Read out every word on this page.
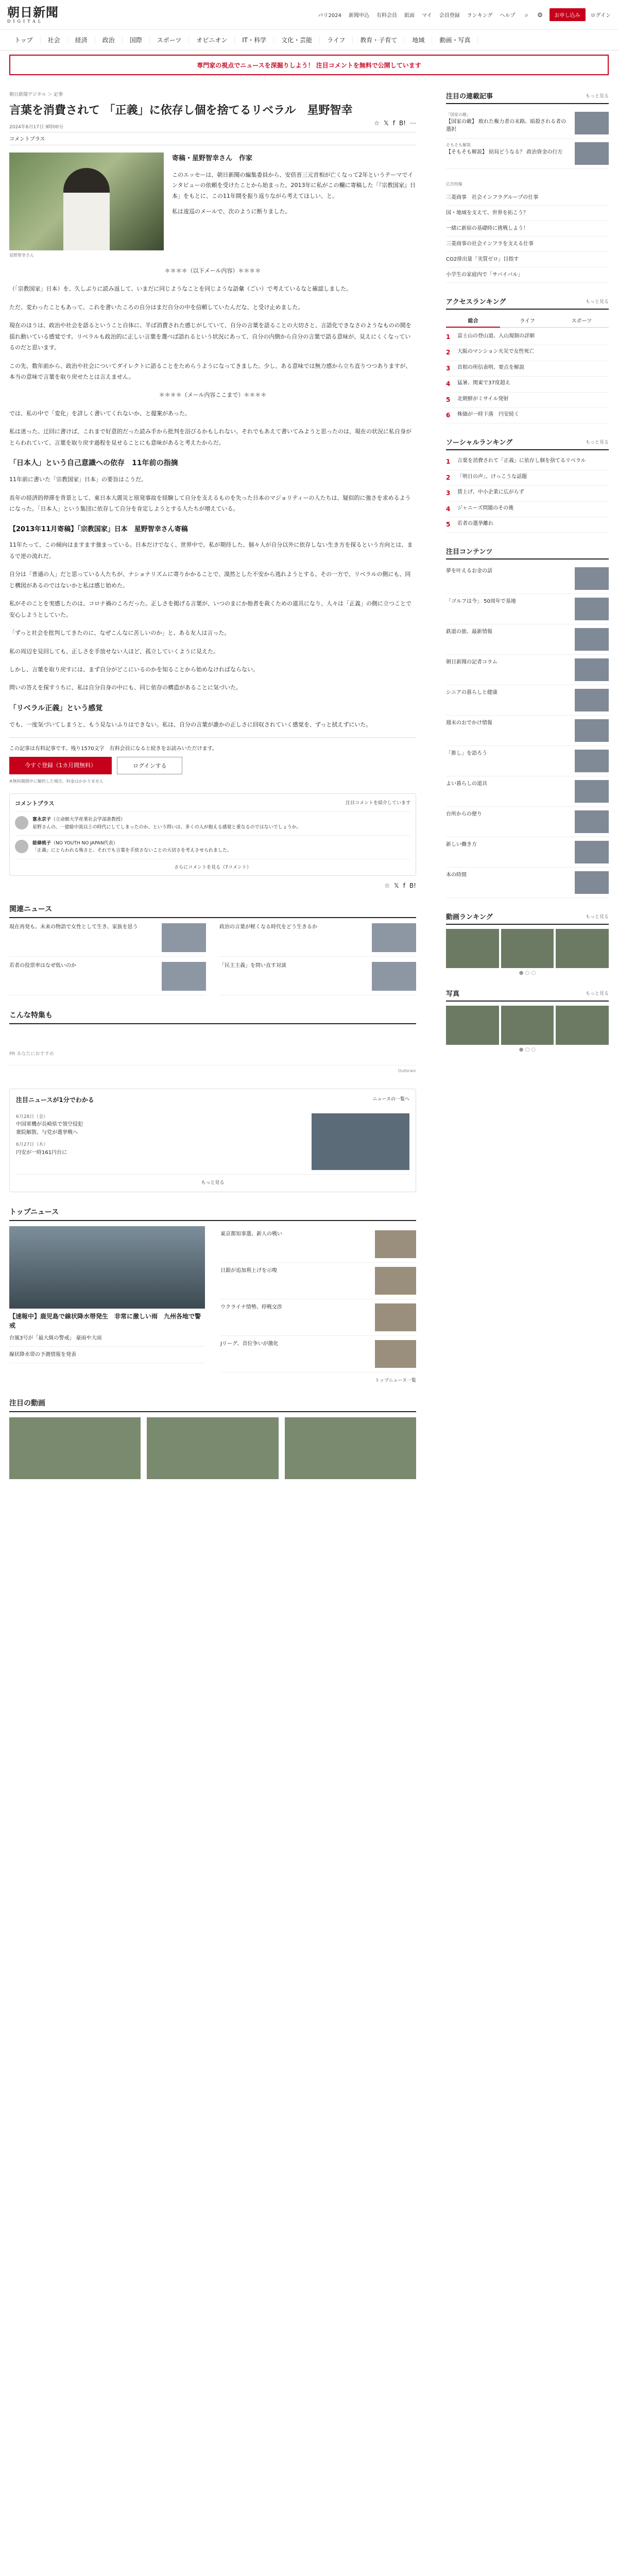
朝日新聞
DIGITAL
パリ2024 新聞申込 有料会員 紙面 マイ 会員登録 ランキング ヘルプ	⌕	⚙	お申し込み	ログイン
トップ	社会	経済	政治	国際	スポーツ	オピニオン	IT・科学	文化・芸能	ライフ	教育・子育て	地域	動画・写真
専門家の視点でニュースを深掘りしよう！ 注目コメントを無料で公開しています
朝日新聞デジタル ＞ 記事
言葉を消費されて 「正義」に依存し個を捨てるリベラル　星野智幸
2024年6月17日 9時00分
☆ 𝕏 f B! ⋯
コメントプラス
星野智幸さん
寄稿・星野智幸さん　作家

このエッセーは、朝日新聞の編集委員から、安倍晋三元首相が亡くなって2年というテーマでインタビューの依頼を受けたことから始まった。2013年に私がこの欄に寄稿した「『宗教国家』日本」をもとに、この11年間を振り返りながら考えてほしい、と。

私は逡巡のメールで、次のように断りました。

＊＊＊＊（以下メール内容）＊＊＊＊

（「宗教国家」日本）を、久しぶりに読み返して、いまだに同じようなことを同じような語彙（ごい）で考えているなと確認しました。

ただ、変わったこともあって、これを書いたころの自分はまだ自分の中を信頼していたんだな、と受け止めました。

現在のほうは、政治や社会を語るということ自体に、半ば消費された感じがしていて、自分の言葉を語ることの大切さと、言語化できなさのようなものの間を揺れ動いている感覚です。リベラルも政治的に正しい言葉を選べば語れるという状況にあって、自分の内側から自分の言葉で語る意味が、見えにくくなっているのだと思います。

この先、数年前から、政治や社会についてダイレクトに語ることをためらうようになってきました。少し、ある意味では無力感から立ち直りつつありますが、本当の意味で言葉を取り戻せたとは言えません。

＊＊＊＊（メール内容ここまで）＊＊＊＊

では、私の中で「変化」を詳しく書いてくれないか、と提案があった。

私は迷った。迂回に書けば、これまで好意的だった読み手から批判を浴びるかもしれない。それでもあえて書いてみようと思ったのは、現在の状況に私自身がとらわれていて、言葉を取り戻す過程を見せることにも意味があると考えたからだ。

「日本人」という自己意識への依存　11年前の指摘

11年前に書いた「宗教国家」日本」の要旨はこうだ。

長年の経済的停滞を背景として、東日本大震災と原発事故を経験して自分を支えるものを失った日本のマジョリティーの人たちは、疑似的に強さを求めるようになった。「日本人」という集団に依存して自分を肯定しようとする人たちが増えている。

【2013年11月寄稿】「宗教国家」日本　星野智幸さん寄稿

11年たって、この傾向はますます強まっている。日本だけでなく、世界中で。私が期待した、個々人が自分以外に依存しない生き方を探るという方向とは、まるで逆の流れだ。

自分は「普通の人」だと思っている人たちが、ナショナリズムに寄りかかることで、漠然とした不安から逃れようとする。その一方で、リベラルの側にも、同じ構図があるのではないかと私は感じ始めた。

私がそのことを実感したのは、コロナ禍のころだった。正しさを掲げる言葉が、いつのまにか他者を裁くための道具になり、人々は「正義」の側に立つことで安心しようとしていた。

「ずっと社会を批判してきたのに、なぜこんなに苦しいのか」と、ある友人は言った。

私の周辺を見回しても、正しさを手放せない人ほど、孤立していくように見えた。

しかし、言葉を取り戻すには、まず自分がどこにいるのかを知ることから始めなければならない。

問いの答えを探すうちに、私は自分自身の中にも、同じ依存の構造があることに気づいた。

「リベラル正義」という感覚

でも、一度気づいてしまうと、もう見ないふりはできない。私は、自分の言葉が誰かの正しさに回収されていく感覚を、ずっと拭えずにいた。

この記事は有料記事です。残り1570文字　有料会員になると続きをお読みいただけます。
今すぐ登録（1カ月間無料）	ログインする
※無料期間中に解約した場合、料金はかかりません
コメントプラス	注目コメントを紹介しています
富永京子（立命館大学産業社会学部准教授）
星野さんの、一億総中流以上の時代にしてしまったのか、という問いは、多くの人が抱える感覚と重なるのではないでしょうか。
能條桃子（NO YOUTH NO JAPAN代表）
「正義」にとらわれる怖さと、それでも言葉を手放さないことの大切さを考えさせられました。
さらにコメントを見る（7コメント）
☆ 𝕏 f B!
関連ニュース
現在再発も。未来の物語で女性として生き、家族を思う	政治の言葉が軽くなる時代をどう生きるか
若者の投票率はなぜ低いのか	「民主主義」を問い直す対談
こんな特集も
PR あなたにおすすめ
Outbrain
注目ニュースが1分でわかる	ニュースの一覧へ
6月28日（金）
中国軍機が長崎県で領空侵犯
衆院解散、与党が選挙戦へ
6月27日（木）
円安が一時161円台に
もっと見る
トップニュース
【速報中】鹿児島で線状降水帯発生　非常に激しい雨　九州各地で警戒
台風3号が「最大級の警戒」 豪雨や大雨
線状降水帯の予測情報を発表
東京都知事選、新人の戦い
日銀が追加利上げを示唆
ウクライナ情勢、停戦交渉
Jリーグ、首位争いが激化
トップニュース一覧
注目の動画
注目の連載記事	もっと見る
「国家の敵」
【国家の敵】 敗れた権力者の末路、暗殺される者の選択
そもそも解説
【そもそも解説】 結局どうなる？ 政治資金の行方
広告特集
三菱商事　社会インフラグループの仕事
国・地域を支えて、世界を拓こう？
一緒に新宿の基礎時に挑戦しよう！
三菱商事の社会インフラを支える仕事
CO2排出量「実質ゼロ」目指す
小学生の家庭内で「サバイバル」
アクセスランキング	もっと見る
総合	ライフ	スポーツ
1	富士山の登山道、入山規制の詳細
2	大阪のマンション火災で女性死亡
3	首相の所信表明、要点を解説
4	猛暑、関東で37度超え
5	北朝鮮がミサイル発射
6	株価が一時下落　円安続く
ソーシャルランキング	もっと見る
1	言葉を消費されて「正義」に依存し個を捨てるリベラル
2	「明日の声」、けっこうな話題
3	賃上げ、中小企業に広がらず
4	ジャニーズ問題のその後
5	若者の選挙離れ
注目コンテンツ
夢を叶えるお金の話
「ゴルフは今」 50周年で基地
鉄道の旅、最新情報
朝日新聞の記者コラム
シニアの暮らしと健康
週末のおでかけ情報
「推し」を語ろう
よい暮らしの道具
台所からの便り
新しい働き方
本の時間
動画ランキング	もっと見る
● ○ ○
写真	もっと見る
● ○ ○
